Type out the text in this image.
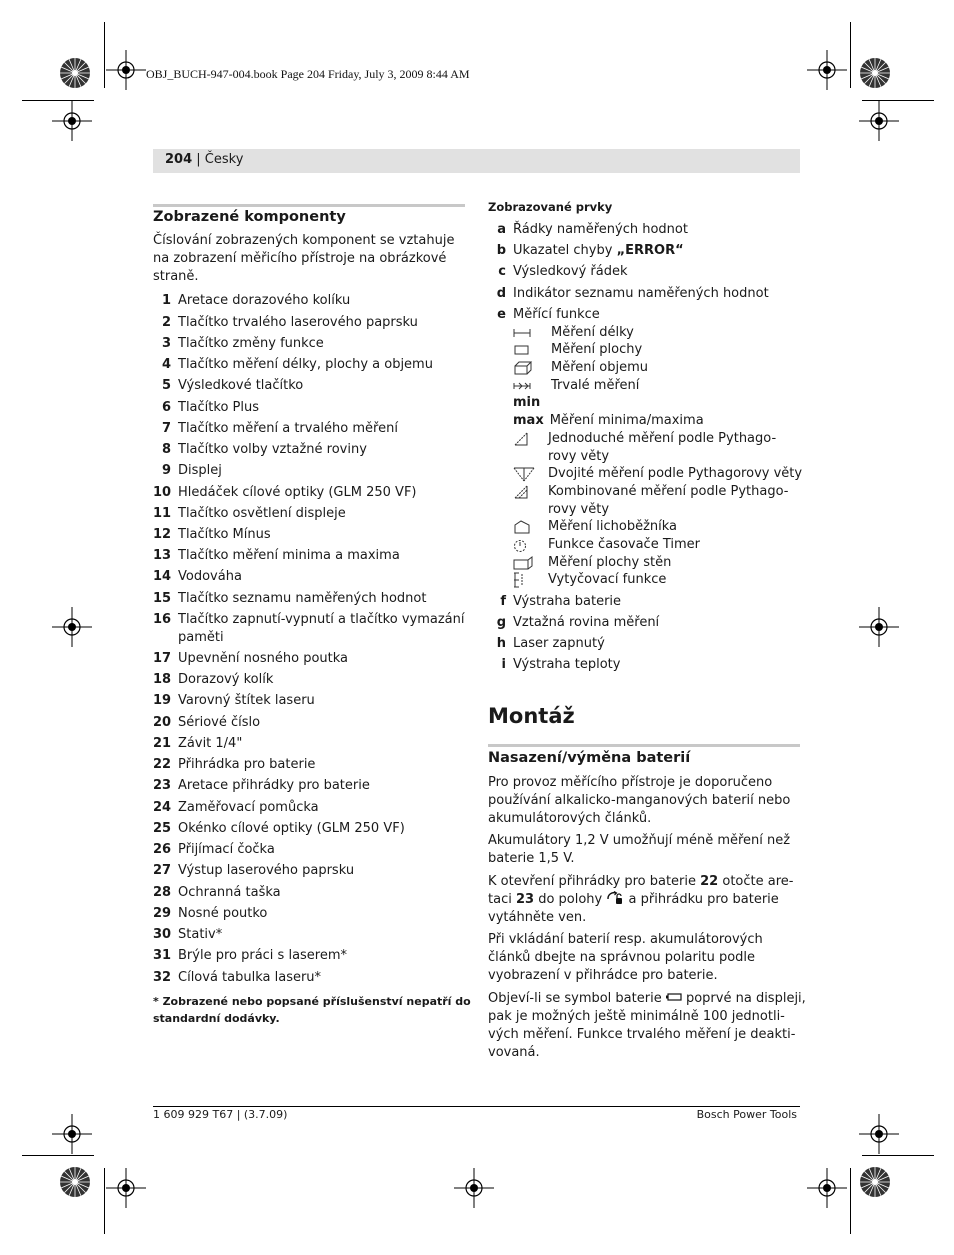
OBJ_BUCH-947-004.book Page 204 Friday, July 3, 2009 8:44 AM
204 | Česky
Zobrazené komponenty
Číslování zobrazených komponent se vztahuje
na zobrazení měřicího přístroje na obrázkové
straně.
1 Aretace dorazového kolíku
2 Tlačítko trvalého laserového paprsku
3 Tlačítko změny funkce
4 Tlačítko měření délky, plochy a objemu
5 Výsledkové tlačítko
6 Tlačítko Plus
7 Tlačítko měření a trvalého měření
8 Tlačítko volby vztažné roviny
9 Displej
10 Hledáček cílové optiky (GLM 250 VF)
11 Tlačítko osvětlení displeje
12 Tlačítko Mínus
13 Tlačítko měření minima a maxima
14 Vodováha
15 Tlačítko seznamu naměřených hodnot
16 Tlačítko zapnutí-vypnutí a tlačítko vymazání
paměti
17 Upevnění nosného poutka
18 Dorazový kolík
19 Varovný štítek laseru
20 Sériové číslo
21 Závit 1/4"
22 Přihrádka pro baterie
23 Aretace přihrádky pro baterie
24 Zaměřovací pomůcka
25 Okénko cílové optiky (GLM 250 VF)
26 Přijímací čočka
27 Výstup laserového paprsku
28 Ochranná taška
29 Nosné poutko
30 Stativ*
31 Brýle pro práci s laserem*
32 Cílová tabulka laseru*
* Zobrazené nebo popsané příslušenství nepatří do
standardní dodávky.
Zobrazované prvky
a Řádky naměřených hodnot
b Ukazatel chyby „ERROR“
c Výsledkový řádek
d Indikátor seznamu naměřených hodnot
e Měřící funkce
Měření délky
Měření plochy
Měření objemu
Trvalé měření
min
max Měření minima/maxima
Jednoduché měření podle Pythago-
rovy věty
Dvojité měření podle Pythagorovy věty
Kombinované měření podle Pythago-
rovy věty
Měření lichoběžníka
Funkce časovače Timer
Měření plochy stěn
Vytyčovací funkce
f Výstraha baterie
g Vztažná rovina měření
h Laser zapnutý
i Výstraha teploty
Montáž
Nasazení/výměna baterií
Pro provoz měřícího přístroje je doporučeno
používání alkalicko-manganových baterií nebo
akumulátorových článků.
Akumulátory 1,2 V umožňují méně měření než
baterie 1,5 V.
K otevření přihrádky pro baterie 22 otočte are-
taci 23 do polohy  a přihrádku pro baterie
vytáhněte ven.
Při vkládání baterií resp. akumulátorových
článků dbejte na správnou polaritu podle
vyobrazení v přihrádce pro baterie.
Objeví-li se symbol baterie  poprvé na displeji,
pak je možných ještě minimálně 100 jednotli-
vých měření. Funkce trvalého měření je deakti-
vovaná.
1 609 929 T67 | (3.7.09)	Bosch Power Tools
